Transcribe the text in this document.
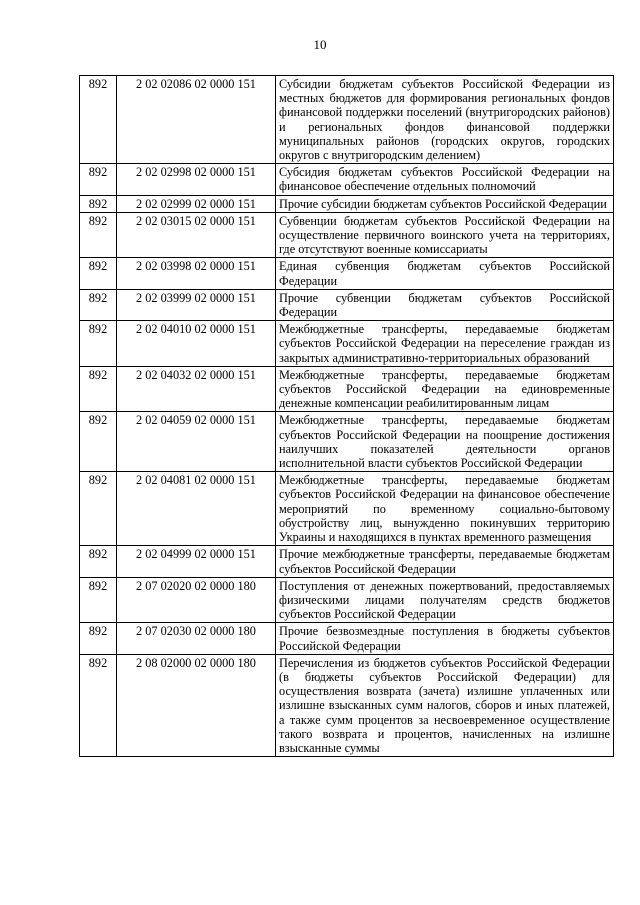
10
892	2 02 02086 02 0000 151	Субсидии бюджетам субъектов Российской Федерации из местных бюджетов для формирования региональных фондов финансовой поддержки поселений (внутригородских районов) и региональных фондов финансовой поддержки муниципальных районов (городских округов, городских округов с внутригородским делением)
892	2 02 02998 02 0000 151	Субсидия бюджетам субъектов Российской Федерации на финансовое обеспечение отдельных полномочий
892	2 02 02999 02 0000 151	Прочие субсидии бюджетам субъектов Российской Федерации
892	2 02 03015 02 0000 151	Субвенции бюджетам субъектов Российской Федерации на осуществление первичного воинского учета на территориях, где отсутствуют военные комиссариаты
892	2 02 03998 02 0000 151	Единая субвенция бюджетам субъектов Российской Федерации
892	2 02 03999 02 0000 151	Прочие субвенции бюджетам субъектов Российской Федерации
892	2 02 04010 02 0000 151	Межбюджетные трансферты, передаваемые бюджетам субъектов Российской Федерации на переселение граждан из закрытых административно-территориальных образований
892	2 02 04032 02 0000 151	Межбюджетные трансферты, передаваемые бюджетам субъектов Российской Федерации на единовременные денежные компенсации реабилитированным лицам
892	2 02 04059 02 0000 151	Межбюджетные трансферты, передаваемые бюджетам субъектов Российской Федерации на поощрение достижения наилучших показателей деятельности органов исполнительной власти субъектов Российской Федерации
892	2 02 04081 02 0000 151	Межбюджетные трансферты, передаваемые бюджетам субъектов Российской Федерации на финансовое обеспечение мероприятий по временному социально-бытовому обустройству лиц, вынужденно покинувших территорию Украины и находящихся в пунктах временного размещения
892	2 02 04999 02 0000 151	Прочие межбюджетные трансферты, передаваемые бюджетам субъектов Российской Федерации
892	2 07 02020 02 0000 180	Поступления от денежных пожертвований, предоставляемых физическими лицами получателям средств бюджетов субъектов Российской Федерации
892	2 07 02030 02 0000 180	Прочие безвозмездные поступления в бюджеты субъектов Российской Федерации
892	2 08 02000 02 0000 180	Перечисления из бюджетов субъектов Российской Федерации (в бюджеты субъектов Российской Федерации) для осуществления возврата (зачета) излишне уплаченных или излишне взысканных сумм налогов, сборов и иных платежей, а также сумм процентов за несвоевременное осуществление такого возврата и процентов, начисленных на излишне взысканные суммы
